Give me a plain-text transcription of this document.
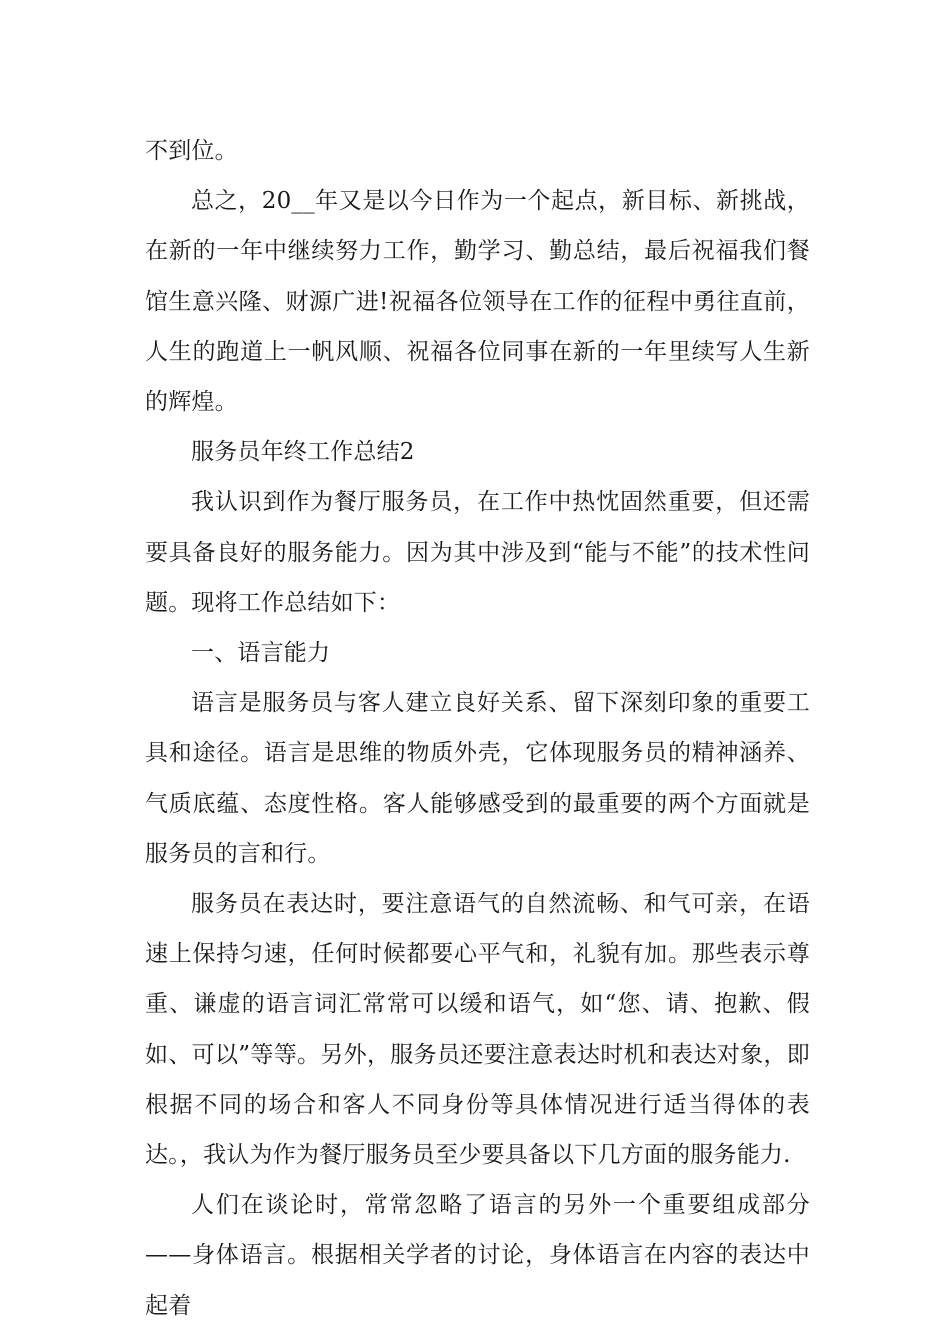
不到位。

总之，20__年又是以今日作为一个起点，新目标、新挑战，在新的一年中继续努力工作，勤学习、勤总结，最后祝福我们餐馆生意兴隆、财源广进!祝福各位领导在工作的征程中勇往直前，人生的跑道上一帆风顺、祝福各位同事在新的一年里续写人生新的辉煌。

服务员年终工作总结2

我认识到作为餐厅服务员，在工作中热忱固然重要，但还需要具备良好的服务能力。因为其中涉及到“能与不能”的技术性问题。现将工作总结如下：

一、语言能力

语言是服务员与客人建立良好关系、留下深刻印象的重要工具和途径。语言是思维的物质外壳，它体现服务员的精神涵养、气质底蕴、态度性格。客人能够感受到的最重要的两个方面就是服务员的言和行。

服务员在表达时，要注意语气的自然流畅、和气可亲，在语速上保持匀速，任何时候都要心平气和，礼貌有加。那些表示尊重、谦虚的语言词汇常常可以缓和语气，如“您、请、抱歉、假如、可以”等等。另外，服务员还要注意表达时机和表达对象，即根据不同的场合和客人不同身份等具体情况进行适当得体的表达。，我认为作为餐厅服务员至少要具备以下几方面的服务能力.

人们在谈论时，常常忽略了语言的另外一个重要组成部分——身体语言。根据相关学者的讨论，身体语言在内容的表达中起着
